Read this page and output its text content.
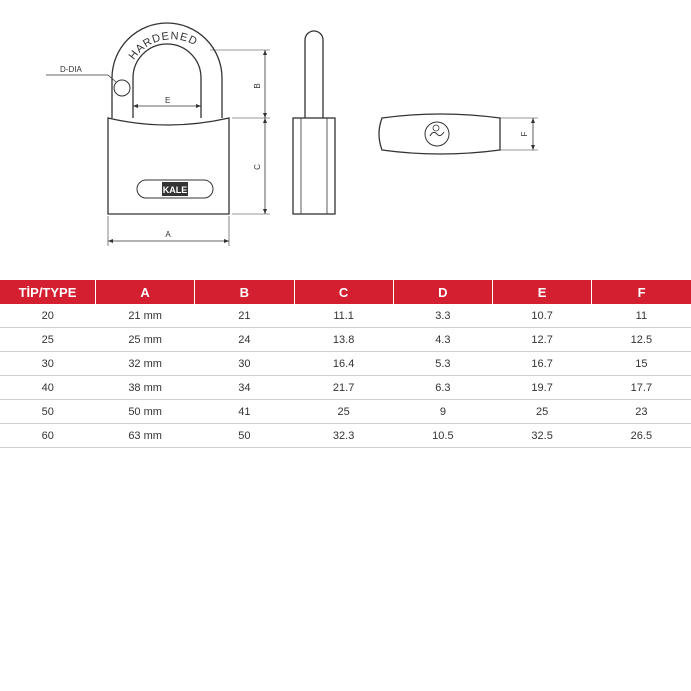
HARDENED
D-DIA
E
KALE
B
C
A
F
TİP/TYPE	A	B	C	D	E	F
20	21 mm	21	11.1	3.3	10.7	11
25	25 mm	24	13.8	4.3	12.7	12.5
30	32 mm	30	16.4	5.3	16.7	15
40	38 mm	34	21.7	6.3	19.7	17.7
50	50 mm	41	25	9	25	23
60	63 mm	50	32.3	10.5	32.5	26.5
